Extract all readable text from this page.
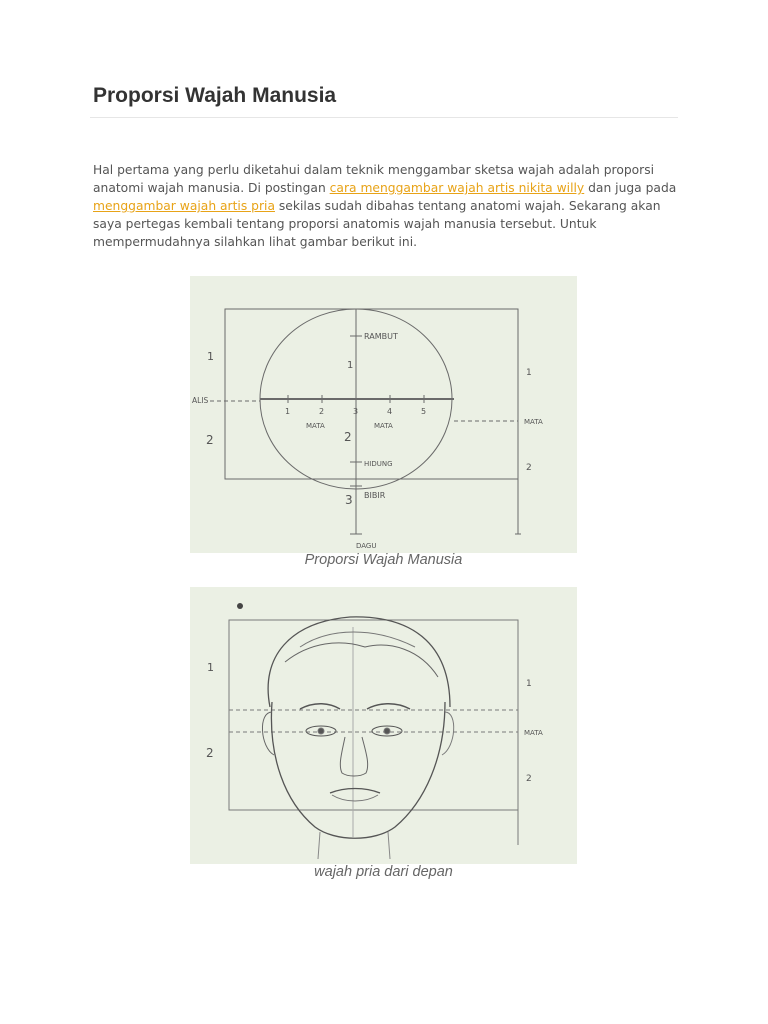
Proporsi Wajah Manusia

Hal pertama yang perlu diketahui dalam teknik menggambar sketsa wajah adalah proporsi anatomi wajah manusia. Di postingan cara menggambar wajah artis nikita willy dan juga pada menggambar wajah artis pria sekilas sudah dibahas tentang anatomi wajah. Sekarang akan saya pertegas kembali tentang proporsi anatomis wajah manusia tersebut. Untuk mempermudahnya silahkan lihat gambar berikut ini.

RAMBUT
ALIS
MATA
MATA	MATA
HIDUNG
BIBIR
DAGU
1
2
1
2
1
2
3
1	2	3	4	5
Proporsi Wajah Manusia
1
2
1
2
MATA
wajah pria dari depan
